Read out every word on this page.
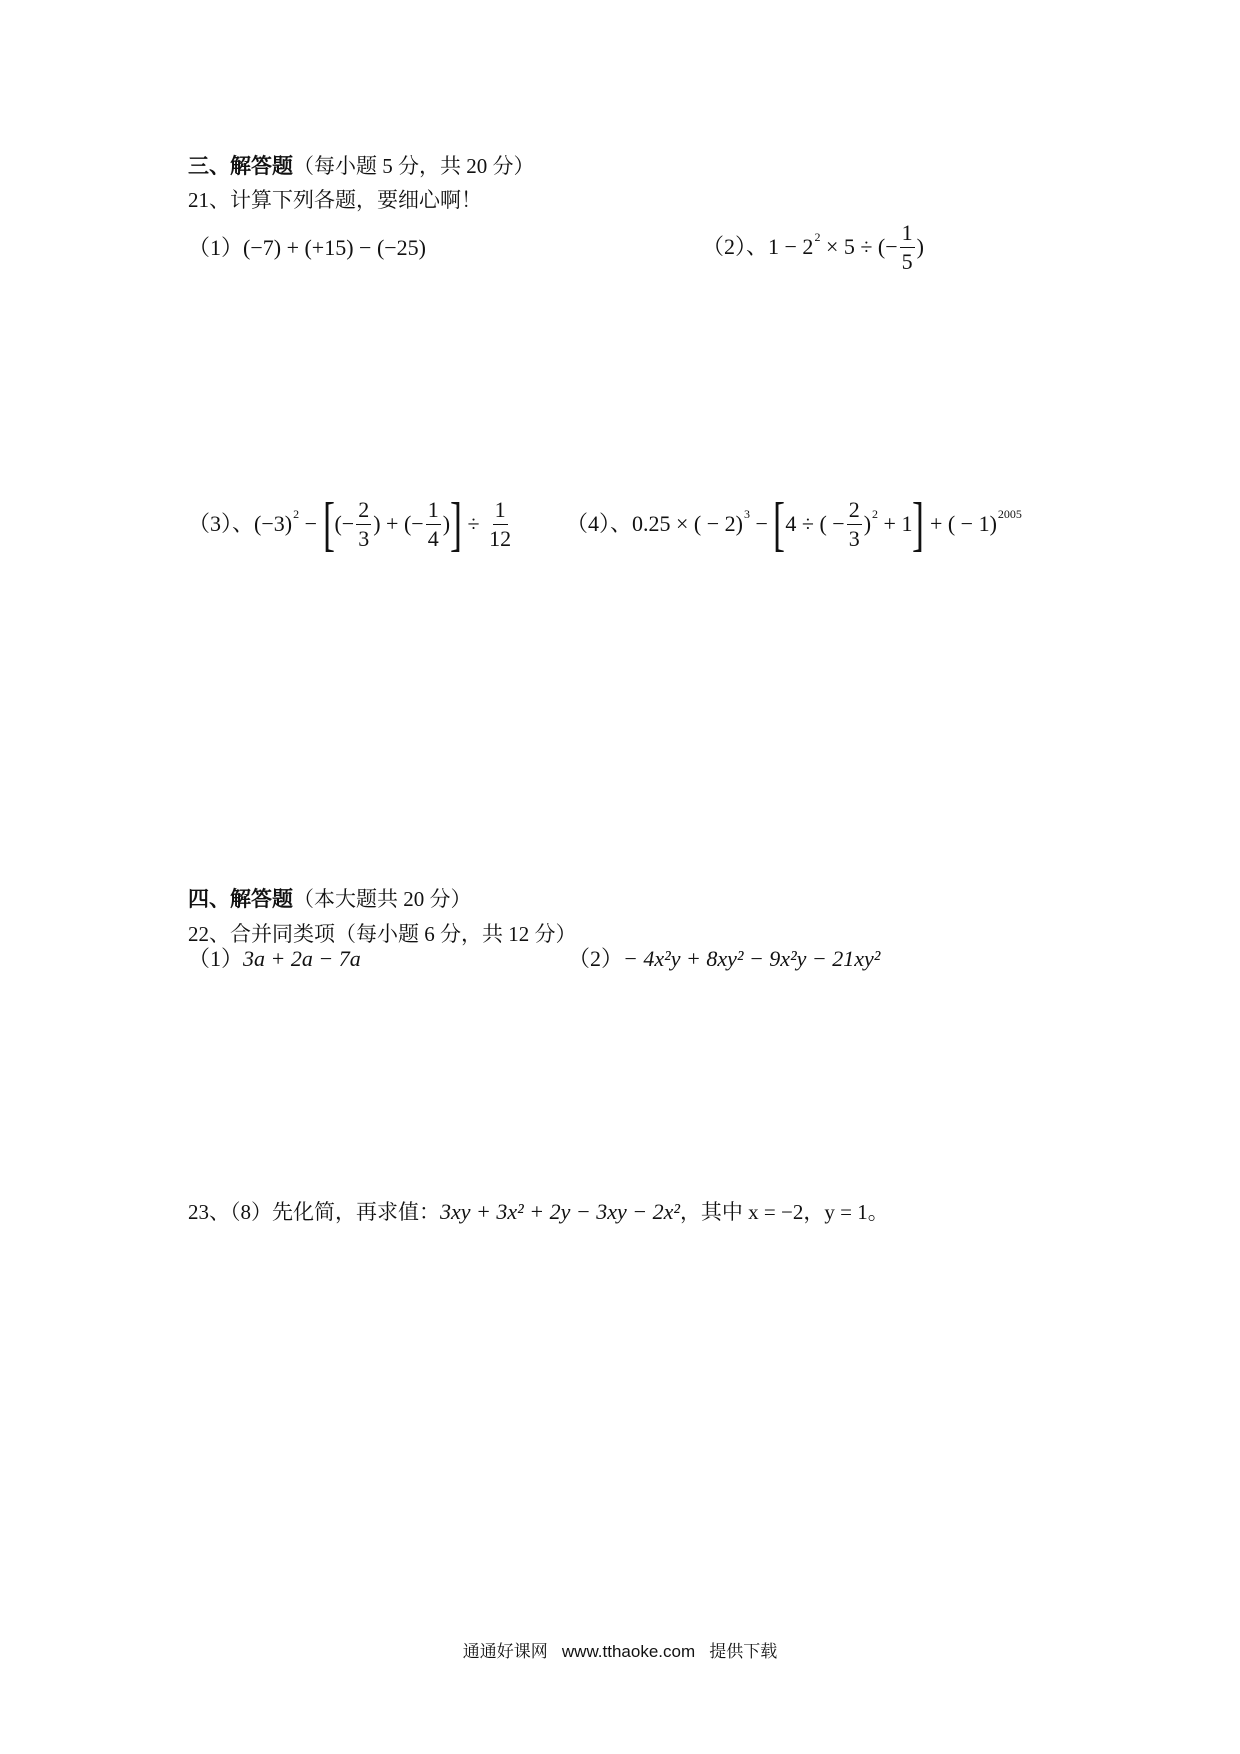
三、解答题（每小题 5 分，共 20 分）
21、计算下列各题，要细心啊！
（1）(−7) + (+15) − (−25)	（2）、 $1 - 2^2 \times 5$ ÷ (− $\frac{1}{5}$ )
（3）、 $(-3)^2$ − [ (− $\frac{2}{3}$ ) + (− $\frac{1}{4}$ ) ] ÷ $\frac{1}{12} (4)$、 0.25 × ( − 2)$^3$ − [ 4 ÷ ( − $\frac{2}{3} )^2 + 1$ ] + ( − 1)$^{2005}$
四、解答题（本大题共 20 分）
22、合并同类项（每小题 6 分，共 12 分）
（1）3a + 2a − 7a	（2）− 4x²y + 8xy² − 9x²y − 21xy²
23、（8）先化简，再求值：3xy + 3x² + 2y − 3xy − 2x²，其中 x = −2，y = 1。
通通好课网   www.tthaoke.com   提供下载
